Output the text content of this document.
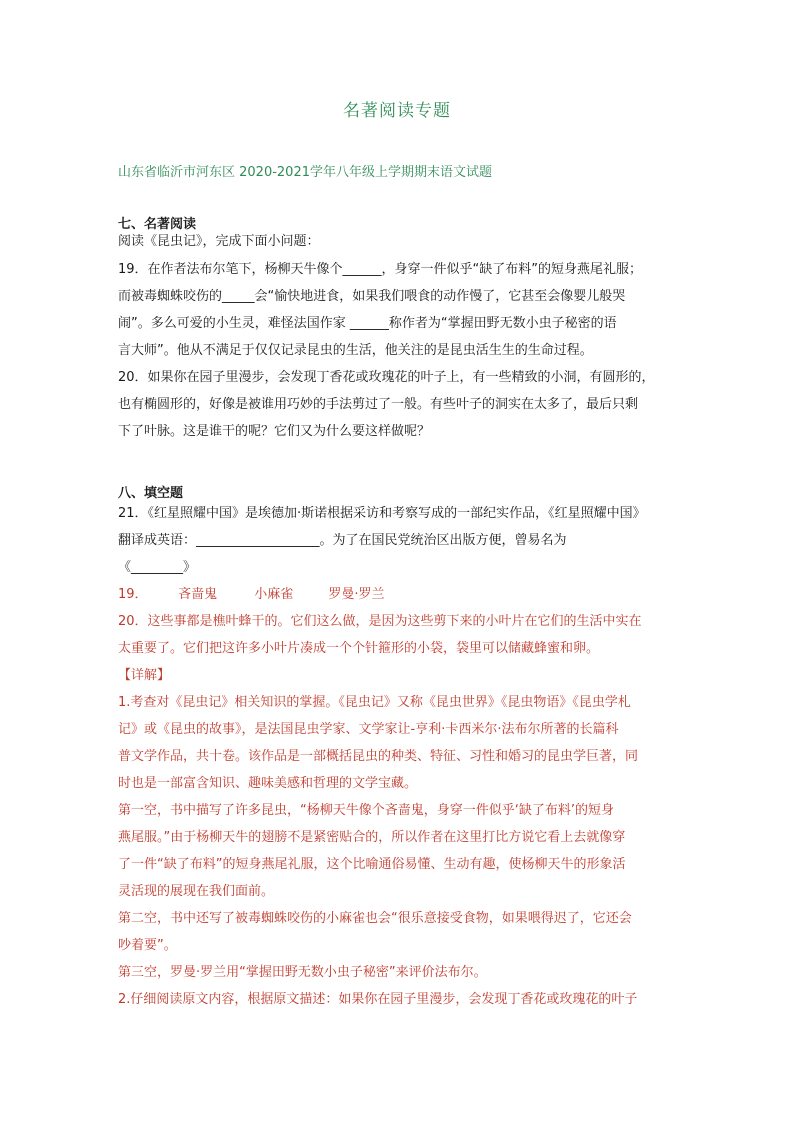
名著阅读专题
山东省临沂市河东区 2020-2021学年八年级上学期期末语文试题
七、名著阅读
阅读《昆虫记》，完成下面小问题：
19．在作者法布尔笔下，杨柳天牛像个______，身穿一件似乎“缺了布料”的短身燕尾礼服；
而被毒蜘蛛咬伤的_____会“愉快地进食，如果我们喂食的动作慢了，它甚至会像婴儿般哭
闹”。多么可爱的小生灵，难怪法国作家 ______称作者为“掌握田野无数小虫子秘密的语
言大师”。他从不满足于仅仅记录昆虫的生活，他关注的是昆虫活生生的生命过程。
20．如果你在园子里漫步，会发现丁香花或玫瑰花的叶子上，有一些精致的小洞，有圆形的，
也有椭圆形的，好像是被谁用巧妙的手法剪过了一般。有些叶子的洞实在太多了，最后只剩
下了叶脉。这是谁干的呢？它们又为什么要这样做呢？
八、填空题
21．《红星照耀中国》是埃德加·斯诺根据采访和考察写成的一部纪实作品，《红星照耀中国》
翻译成英语：___________________。为了在国民党统治区出版方便，曾易名为
《________》
19． 吝啬鬼	小麻雀	罗曼·罗兰
20．这些事都是樵叶蜂干的。它们这么做，是因为这些剪下来的小叶片在它们的生活中实在
太重要了。它们把这许多小叶片凑成一个个针箍形的小袋，袋里可以储藏蜂蜜和卵。
【详解】
1.考查对《昆虫记》相关知识的掌握。《昆虫记》又称《昆虫世界》《昆虫物语》《昆虫学札
记》或《昆虫的故事》，是法国昆虫学家、文学家让-亨利·卡西米尔·法布尔所著的长篇科
普文学作品，共十卷。该作品是一部概括昆虫的种类、特征、习性和婚习的昆虫学巨著，同
时也是一部富含知识、趣味美感和哲理的文学宝藏。
第一空，书中描写了许多昆虫，“杨柳天牛像个吝啬鬼，身穿一件似乎‘缺了布料’的短身
燕尾服。”由于杨柳天牛的翅膀不是紧密贴合的，所以作者在这里打比方说它看上去就像穿
了一件“缺了布料”的短身燕尾礼服，这个比喻通俗易懂、生动有趣，使杨柳天牛的形象活
灵活现的展现在我们面前。
第二空，书中还写了被毒蜘蛛咬伤的小麻雀也会“很乐意接受食物，如果喂得迟了，它还会
吵着要”。
第三空，罗曼·罗兰用“掌握田野无数小虫子秘密”来评价法布尔。
2.仔细阅读原文内容，根据原文描述：如果你在园子里漫步，会发现丁香花或玫瑰花的叶子
